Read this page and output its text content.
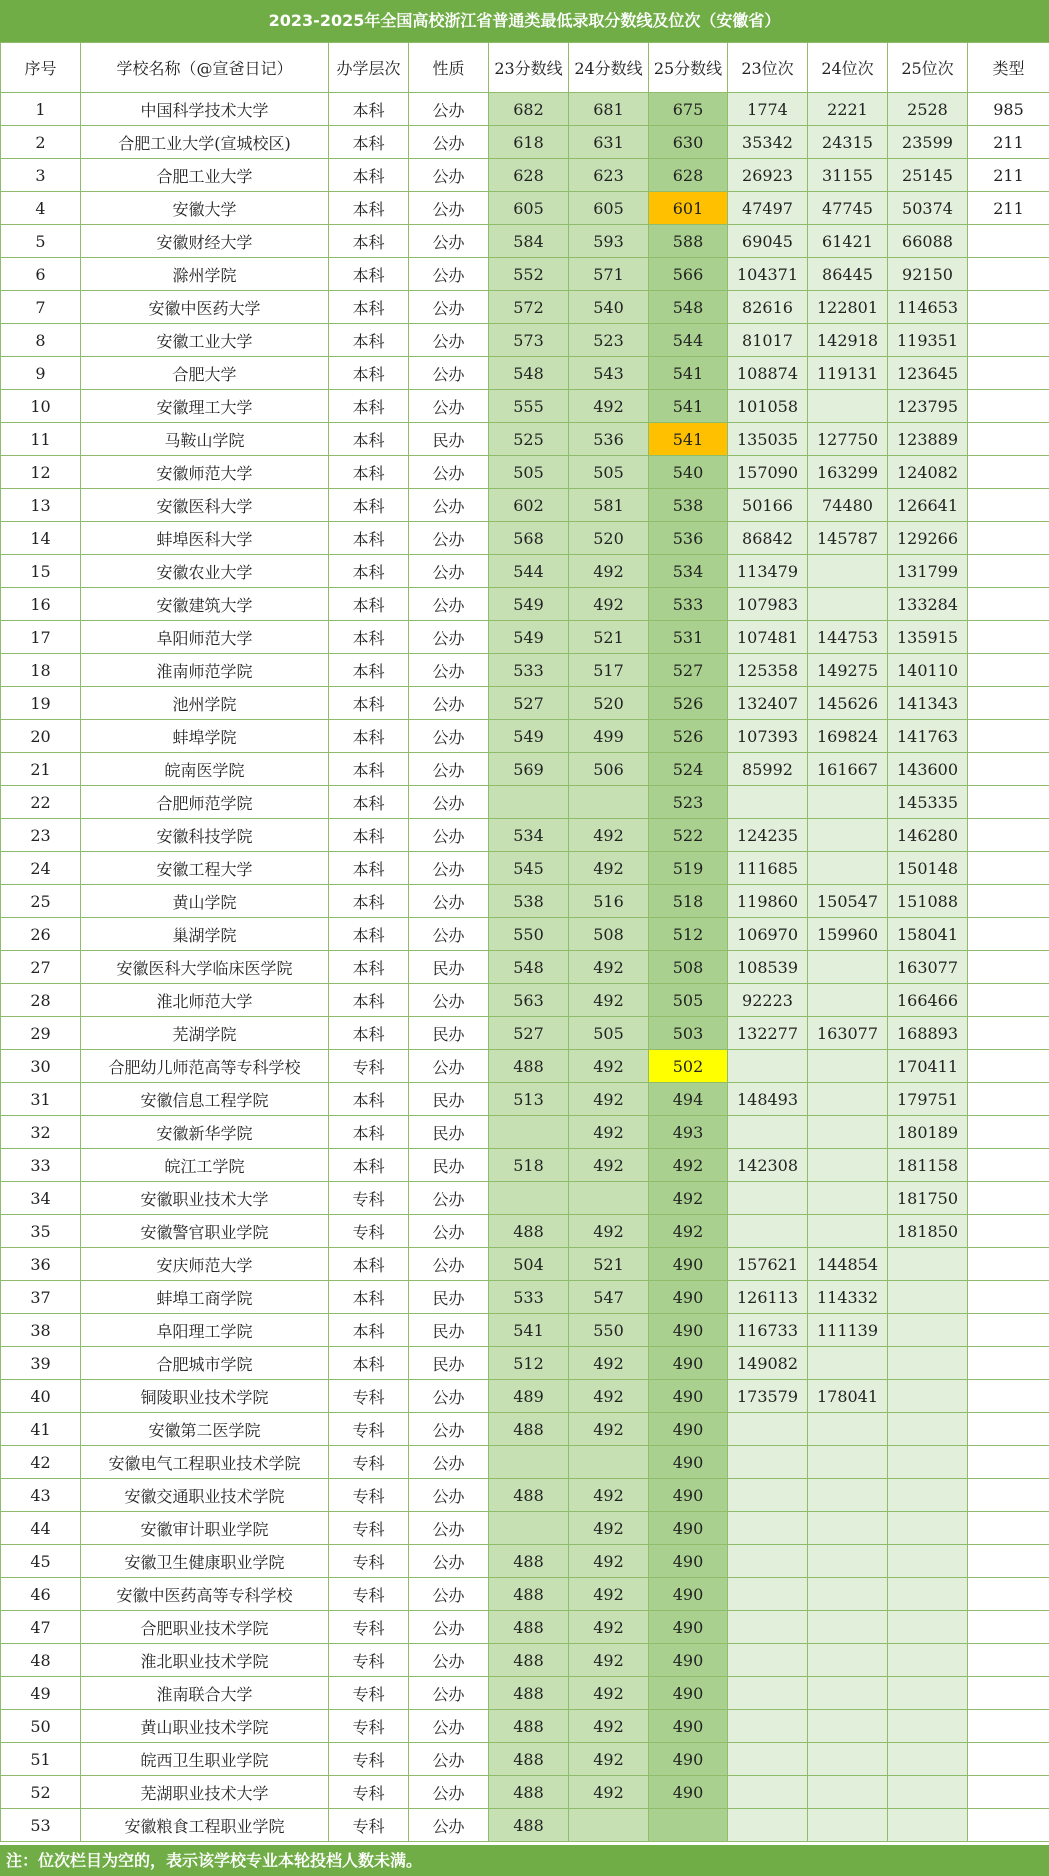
2023-2025年全国高校浙江省普通类最低录取分数线及位次（安徽省）
序号	学校名称（@宣爸日记）	办学层次	性质	23分数线	24分数线	25分数线	23位次	24位次	25位次	类型
1	中国科学技术大学	本科	公办	682	681	675	1774	2221	2528	985
2	合肥工业大学(宣城校区)	本科	公办	618	631	630	35342	24315	23599	211
3	合肥工业大学	本科	公办	628	623	628	26923	31155	25145	211
4	安徽大学	本科	公办	605	605	601	47497	47745	50374	211
5	安徽财经大学	本科	公办	584	593	588	69045	61421	66088	
6	滁州学院	本科	公办	552	571	566	104371	86445	92150	
7	安徽中医药大学	本科	公办	572	540	548	82616	122801	114653	
8	安徽工业大学	本科	公办	573	523	544	81017	142918	119351	
9	合肥大学	本科	公办	548	543	541	108874	119131	123645	
10	安徽理工大学	本科	公办	555	492	541	101058		123795	
11	马鞍山学院	本科	民办	525	536	541	135035	127750	123889	
12	安徽师范大学	本科	公办	505	505	540	157090	163299	124082	
13	安徽医科大学	本科	公办	602	581	538	50166	74480	126641	
14	蚌埠医科大学	本科	公办	568	520	536	86842	145787	129266	
15	安徽农业大学	本科	公办	544	492	534	113479		131799	
16	安徽建筑大学	本科	公办	549	492	533	107983		133284	
17	阜阳师范大学	本科	公办	549	521	531	107481	144753	135915	
18	淮南师范学院	本科	公办	533	517	527	125358	149275	140110	
19	池州学院	本科	公办	527	520	526	132407	145626	141343	
20	蚌埠学院	本科	公办	549	499	526	107393	169824	141763	
21	皖南医学院	本科	公办	569	506	524	85992	161667	143600	
22	合肥师范学院	本科	公办			523			145335	
23	安徽科技学院	本科	公办	534	492	522	124235		146280	
24	安徽工程大学	本科	公办	545	492	519	111685		150148	
25	黄山学院	本科	公办	538	516	518	119860	150547	151088	
26	巢湖学院	本科	公办	550	508	512	106970	159960	158041	
27	安徽医科大学临床医学院	本科	民办	548	492	508	108539		163077	
28	淮北师范大学	本科	公办	563	492	505	92223		166466	
29	芜湖学院	本科	民办	527	505	503	132277	163077	168893	
30	合肥幼儿师范高等专科学校	专科	公办	488	492	502			170411	
31	安徽信息工程学院	本科	民办	513	492	494	148493		179751	
32	安徽新华学院	本科	民办		492	493			180189	
33	皖江工学院	本科	民办	518	492	492	142308		181158	
34	安徽职业技术大学	专科	公办			492			181750	
35	安徽警官职业学院	专科	公办	488	492	492			181850	
36	安庆师范大学	本科	公办	504	521	490	157621	144854		
37	蚌埠工商学院	本科	民办	533	547	490	126113	114332		
38	阜阳理工学院	本科	民办	541	550	490	116733	111139		
39	合肥城市学院	本科	民办	512	492	490	149082			
40	铜陵职业技术学院	专科	公办	489	492	490	173579	178041		
41	安徽第二医学院	专科	公办	488	492	490				
42	安徽电气工程职业技术学院	专科	公办			490				
43	安徽交通职业技术学院	专科	公办	488	492	490				
44	安徽审计职业学院	专科	公办		492	490				
45	安徽卫生健康职业学院	专科	公办	488	492	490				
46	安徽中医药高等专科学校	专科	公办	488	492	490				
47	合肥职业技术学院	专科	公办	488	492	490				
48	淮北职业技术学院	专科	公办	488	492	490				
49	淮南联合大学	专科	公办	488	492	490				
50	黄山职业技术学院	专科	公办	488	492	490				
51	皖西卫生职业学院	专科	公办	488	492	490				
52	芜湖职业技术大学	专科	公办	488	492	490				
53	安徽粮食工程职业学院	专科	公办	488						
注：位次栏目为空的，表示该学校专业本轮投档人数未满。
